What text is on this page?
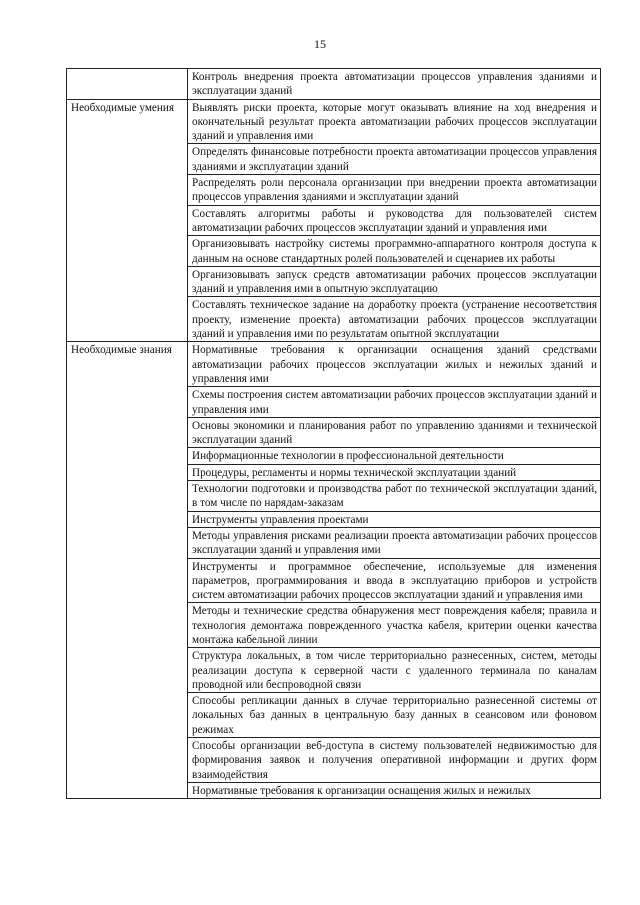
15
	Контроль внедрения проекта автоматизации процессов управления зданиями и эксплуатации зданий
Необходимые умения	Выявлять риски проекта, которые могут оказывать влияние на ход внедрения и окончательный результат проекта автоматизации рабочих процессов эксплуатации зданий и управления ими
	Определять финансовые потребности проекта автоматизации процессов управления зданиями и эксплуатации зданий
	Распределять роли персонала организации при внедрении проекта автоматизации процессов управления зданиями и эксплуатации зданий
	Составлять алгоритмы работы и руководства для пользователей систем автоматизации рабочих процессов эксплуатации зданий и управления ими
	Организовывать настройку системы программно-аппаратного контроля доступа к данным на основе стандартных ролей пользователей и сценариев их работы
	Организовывать запуск средств автоматизации рабочих процессов эксплуатации зданий и управления ими в опытную эксплуатацию
	Составлять техническое задание на доработку проекта (устранение несоответствия проекту, изменение проекта) автоматизации рабочих процессов эксплуатации зданий и управления ими по результатам опытной эксплуатации
Необходимые знания	Нормативные требования к организации оснащения зданий средствами автоматизации рабочих процессов эксплуатации жилых и нежилых зданий и управления ими
	Схемы построения систем автоматизации рабочих процессов эксплуатации зданий и управления ими
	Основы экономики и планирования работ по управлению зданиями и технической эксплуатации зданий
	Информационные технологии в профессиональной деятельности
	Процедуры, регламенты и нормы технической эксплуатации зданий
	Технологии подготовки и производства работ по технической эксплуатации зданий, в том числе по нарядам-заказам
	Инструменты управления проектами
	Методы управления рисками реализации проекта автоматизации рабочих процессов эксплуатации зданий и управления ими
	Инструменты и программное обеспечение, используемые для изменения параметров, программирования и ввода в эксплуатацию приборов и устройств систем автоматизации рабочих процессов эксплуатации зданий и управления ими
	Методы и технические средства обнаружения мест повреждения кабеля; правила и технология демонтажа поврежденного участка кабеля, критерии оценки качества монтажа кабельной линии
	Структура локальных, в том числе территориально разнесенных, систем, методы реализации доступа к серверной части с удаленного терминала по каналам проводной или беспроводной связи
	Способы репликации данных в случае территориально разнесенной системы от локальных баз данных в центральную базу данных в сеансовом или фоновом режимах
	Способы организации веб-доступа в систему пользователей недвижимостью для формирования заявок и получения оперативной информации и других форм взаимодействия
	Нормативные требования к организации оснащения жилых и нежилых
